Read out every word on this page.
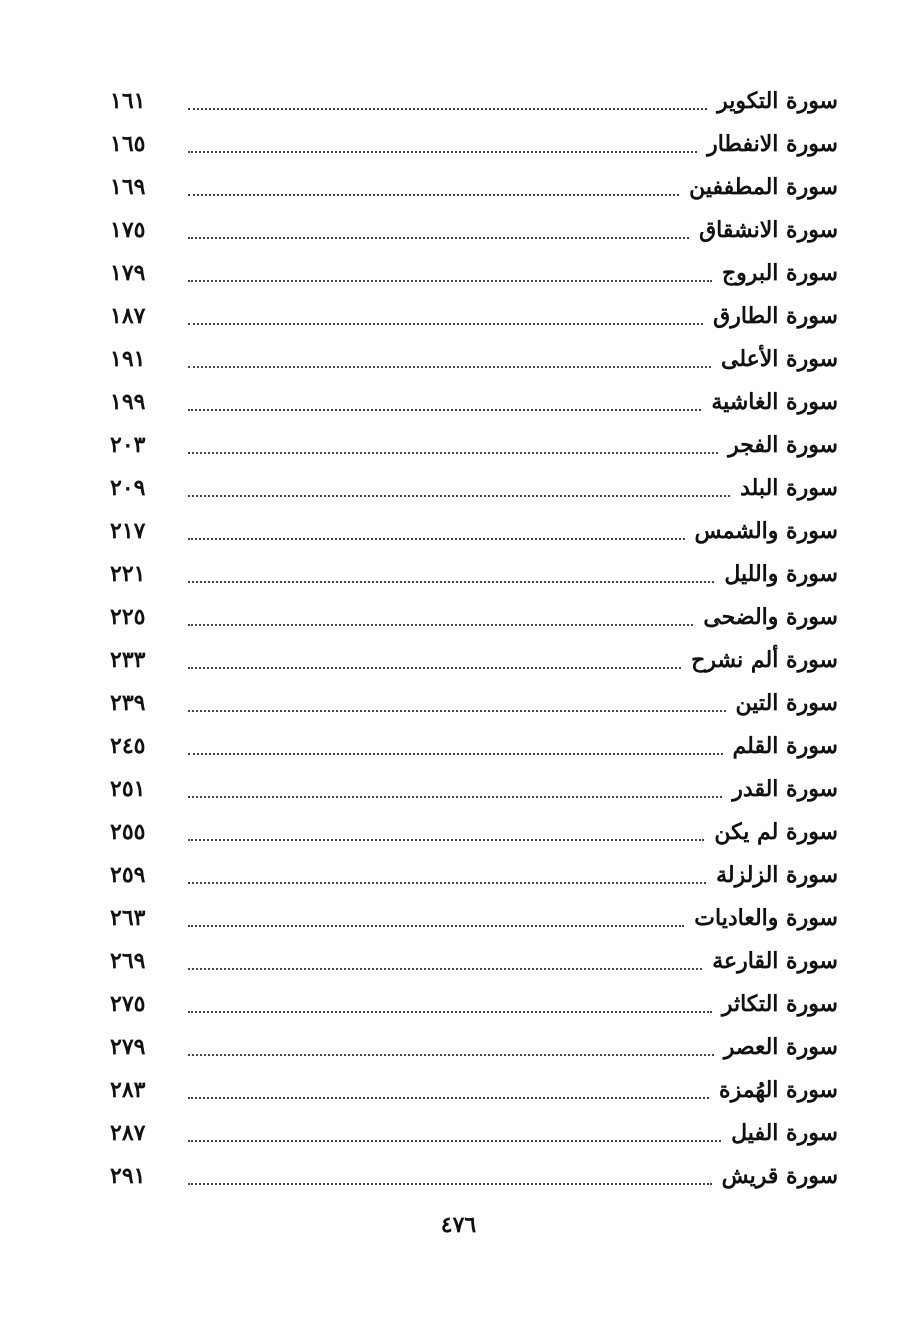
سورة التكوير
١٦١
سورة الانفطار
١٦٥
سورة المطففين
١٦٩
سورة الانشقاق
١٧٥
سورة البروج
١٧٩
سورة الطارق
١٨٧
سورة الأعلى
١٩١
سورة الغاشية
١٩٩
سورة الفجر
٢٠٣
سورة البلد
٢٠٩
سورة والشمس
٢١٧
سورة والليل
٢٢١
سورة والضحى
٢٢٥
سورة ألم نشرح
٢٣٣
سورة التين
٢٣٩
سورة القلم
٢٤٥
سورة القدر
٢٥١
سورة لم يكن
٢٥٥
سورة الزلزلة
٢٥٩
سورة والعاديات
٢٦٣
سورة القارعة
٢٦٩
سورة التكاثر
٢٧٥
سورة العصر
٢٧٩
سورة الهُمزة
٢٨٣
سورة الفيل
٢٨٧
سورة قريش
٢٩١
٤٧٦
